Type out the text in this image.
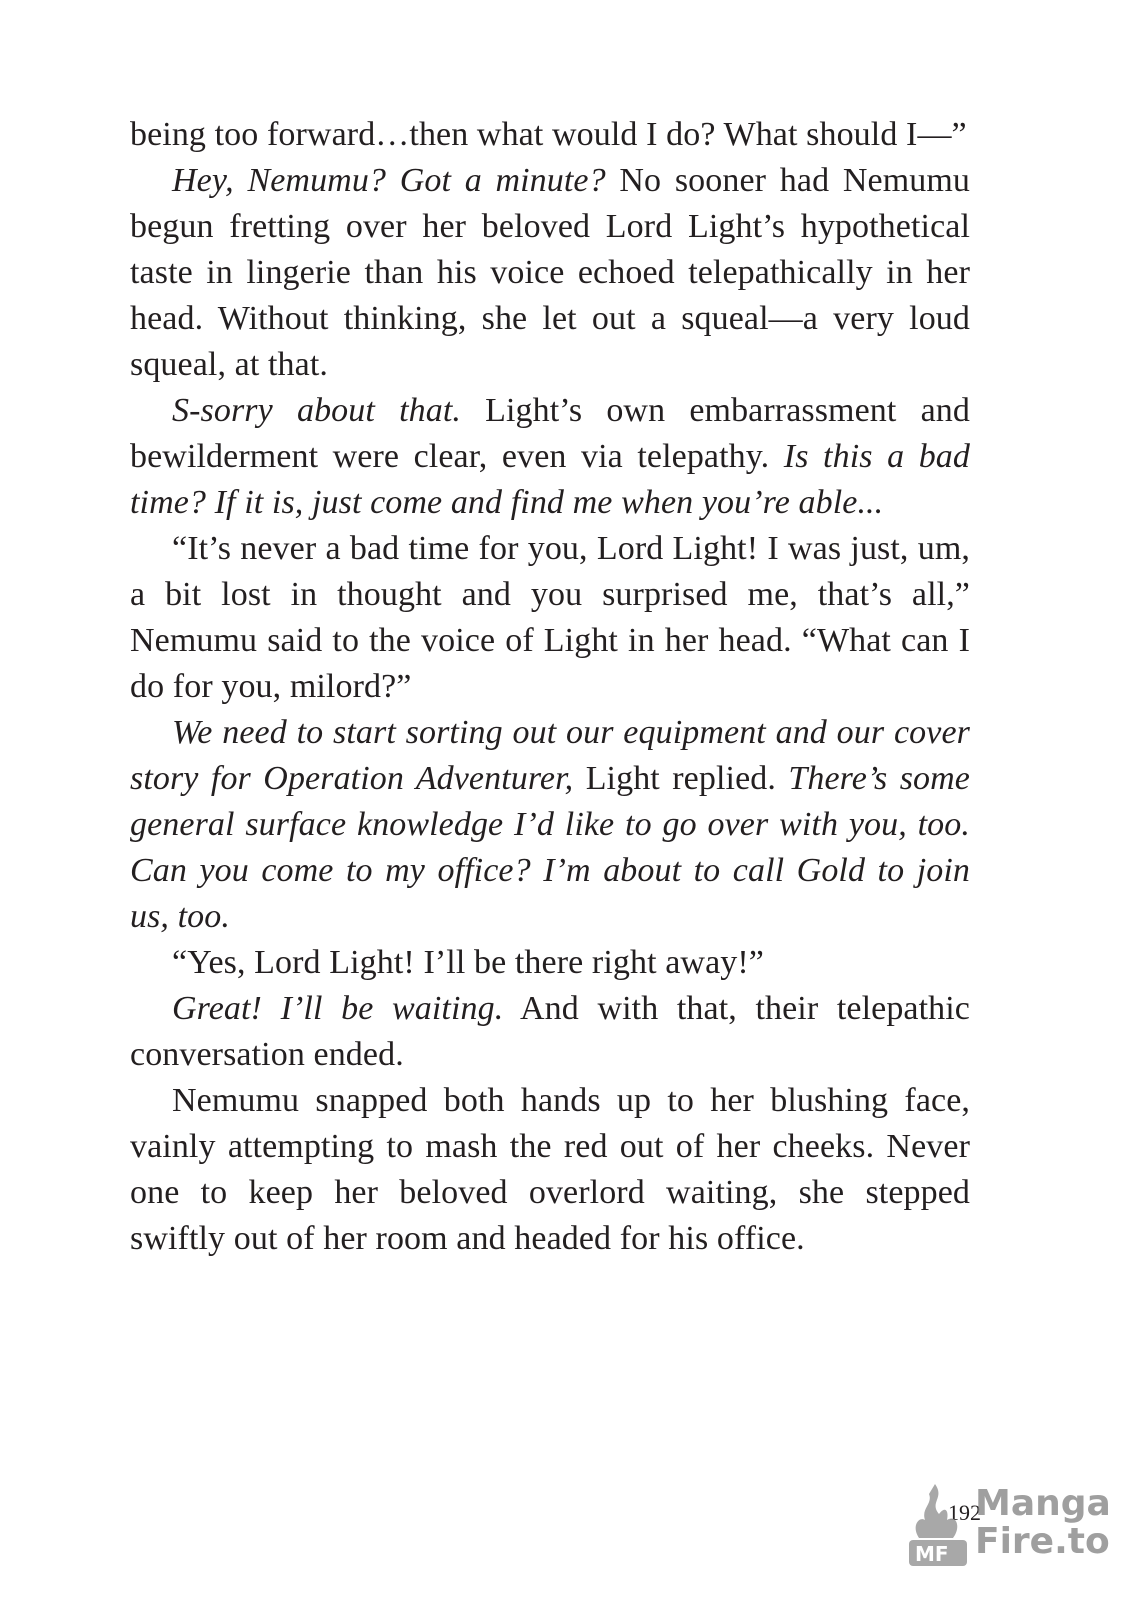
being too forward…then what would I do? What should I—”

Hey, Nemumu? Got a minute? No sooner had Nemumu begun fretting over her beloved Lord Light’s hypothetical taste in lingerie than his voice echoed telepathically in her head. Without thinking, she let out a squeal—a very loud squeal, at that.

S-sorry about that. Light’s own embarrassment and bewilderment were clear, even via telepathy. Is this a bad time? If it is, just come and find me when you’re able...

“It’s never a bad time for you, Lord Light! I was just, um, a bit lost in thought and you surprised me, that’s all,” Nemumu said to the voice of Light in her head. “What can I do for you, milord?”

We need to start sorting out our equipment and our cover story for Operation Adventurer, Light replied. There’s some general surface knowledge I’d like to go over with you, too. Can you come to my office? I’m about to call Gold to join us, too.

“Yes, Lord Light! I’ll be there right away!”

Great! I’ll be waiting. And with that, their telepathic conversation ended.

Nemumu snapped both hands up to her blushing face, vainly attempting to mash the red out of her cheeks. Never one to keep her beloved overlord waiting, she stepped swiftly out of her room and headed for his office.

192
MF
Manga
Fire.to
